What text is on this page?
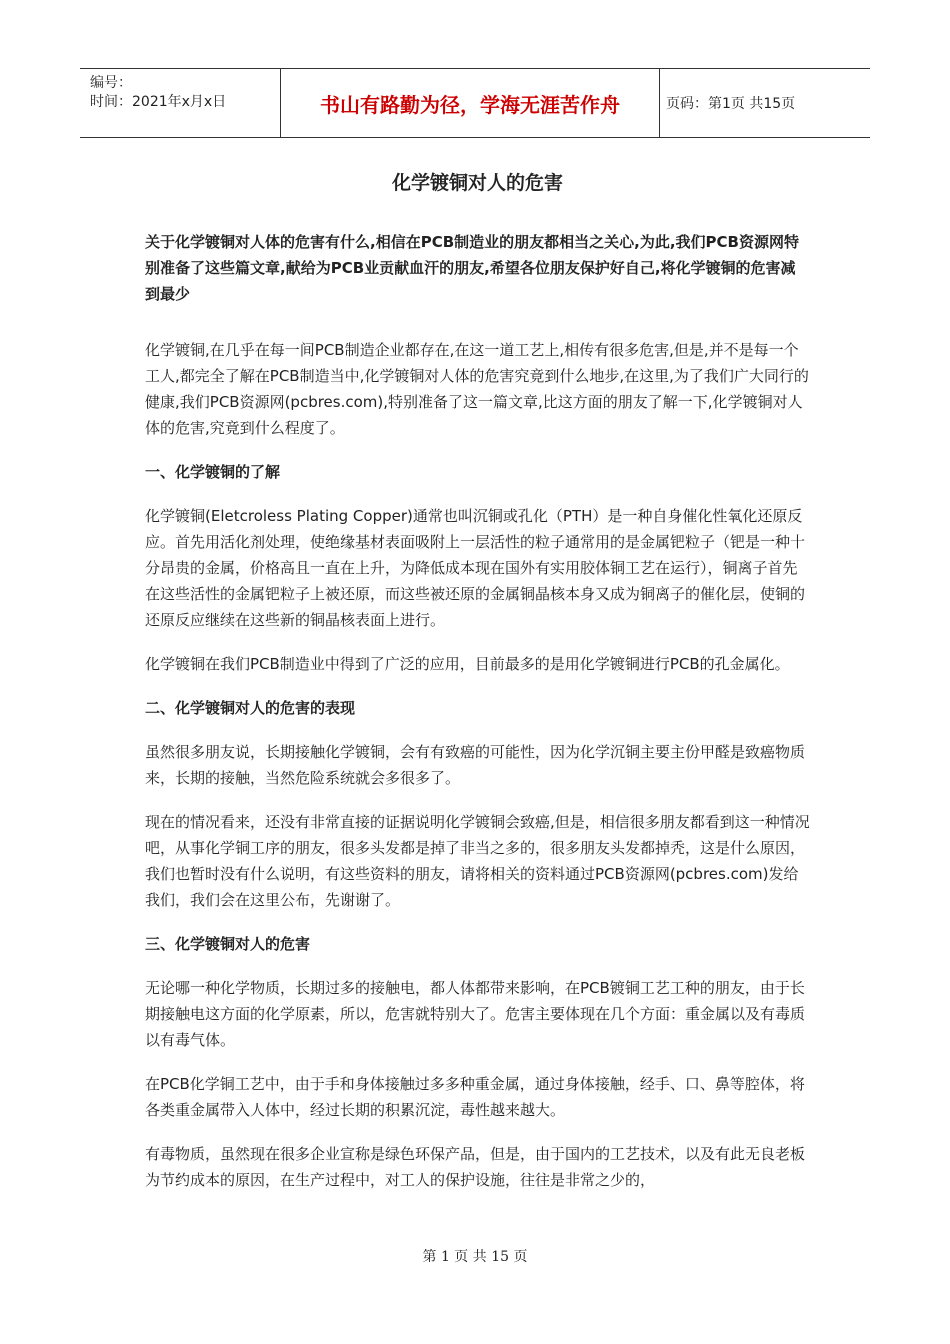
编号：
时间：2021年x月x日	书山有路勤为径，学海无涯苦作舟	页码：第1页 共15页
化学镀铜对人的危害

关于化学镀铜对人体的危害有什么,相信在PCB制造业的朋友都相当之关心,为此,我们PCB资源网特别准备了这些篇文章,献给为PCB业贡献血汗的朋友,希望各位朋友保护好自己,将化学镀铜的危害减到最少

化学镀铜,在几乎在每一间PCB制造企业都存在,在这一道工艺上,相传有很多危害,但是,并不是每一个工人,都完全了解在PCB制造当中,化学镀铜对人体的危害究竟到什么地步,在这里,为了我们广大同行的健康,我们PCB资源网(pcbres.com),特别准备了这一篇文章,比这方面的朋友了解一下,化学镀铜对人体的危害,究竟到什么程度了。

一、化学镀铜的了解

化学镀铜(Eletcroless Plating Copper)通常也叫沉铜或孔化（PTH）是一种自身催化性氧化还原反应。首先用活化剂处理，使绝缘基材表面吸附上一层活性的粒子通常用的是金属钯粒子（钯是一种十分昂贵的金属，价格高且一直在上升，为降低成本现在国外有实用胶体铜工艺在运行），铜离子首先在这些活性的金属钯粒子上被还原，而这些被还原的金属铜晶核本身又成为铜离子的催化层，使铜的还原反应继续在这些新的铜晶核表面上进行。

化学镀铜在我们PCB制造业中得到了广泛的应用，目前最多的是用化学镀铜进行PCB的孔金属化。

二、化学镀铜对人的危害的表现

虽然很多朋友说，长期接触化学镀铜，会有有致癌的可能性，因为化学沉铜主要主份甲醛是致癌物质来，长期的接触，当然危险系统就会多很多了。

现在的情况看来，还没有非常直接的证据说明化学镀铜会致癌,但是，相信很多朋友都看到这一种情况吧，从事化学铜工序的朋友，很多头发都是掉了非当之多的，很多朋友头发都掉秃，这是什么原因，我们也暂时没有什么说明，有这些资料的朋友，请将相关的资料通过PCB资源网(pcbres.com)发给我们，我们会在这里公布，先谢谢了。

三、化学镀铜对人的危害

无论哪一种化学物质，长期过多的接触电，都人体都带来影响，在PCB镀铜工艺工种的朋友，由于长期接触电这方面的化学原素，所以，危害就特别大了。危害主要体现在几个方面：重金属以及有毒质以有毒气体。

在PCB化学铜工艺中，由于手和身体接触过多多种重金属，通过身体接触，经手、口、鼻等腔体，将各类重金属带入人体中，经过长期的积累沉淀，毒性越来越大。

有毒物质，虽然现在很多企业宣称是绿色环保产品，但是，由于国内的工艺技术，以及有此无良老板为节约成本的原因，在生产过程中，对工人的保护设施，往往是非常之少的，

第 1 页 共 15 页
